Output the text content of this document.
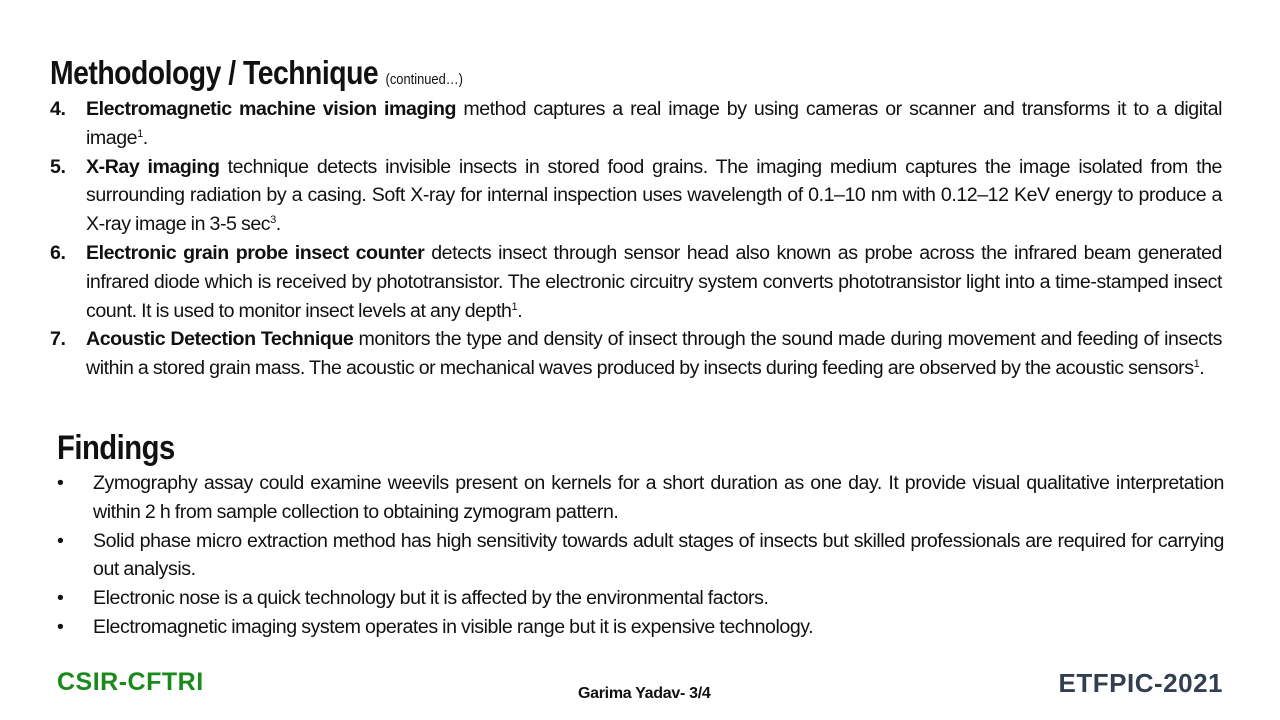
Methodology / Technique (continued…)
4. Electromagnetic machine vision imaging method captures a real image by using cameras or scanner and transforms it to a digital image$^1$.
5. X-Ray imaging technique detects invisible insects in stored food grains. The imaging medium captures the image isolated from the surrounding radiation by a casing. Soft X-ray for internal inspection uses wavelength of 0.1–10 nm with 0.12–12 KeV energy to produce a X-ray image in 3-5 $\sec^3$.
6. Electronic grain probe insect counter detects insect through sensor head also known as probe across the infrared beam generated infrared diode which is received by phototransistor. The electronic circuitry system converts phototransistor light into a time-stamped insect count. It is used to monitor insect levels at any depth$^1$.
7. Acoustic Detection Technique monitors the type and density of insect through the sound made during movement and feeding of insects within a stored grain mass. The acoustic or mechanical waves produced by insects during feeding are observed by the acoustic sensors$^1$.
Findings
• Zymography assay could examine weevils present on kernels for a short duration as one day. It provide visual qualitative interpretation within 2 h from sample collection to obtaining zymogram pattern.
• Solid phase micro extraction method has high sensitivity towards adult stages of insects but skilled professionals are required for carrying out analysis.
• Electronic nose is a quick technology but it is affected by the environmental factors.
• Electromagnetic imaging system operates in visible range but it is expensive technology.

CSIR-CFTRI	Garima Yadav- 3/4	ETFPIC-2021
